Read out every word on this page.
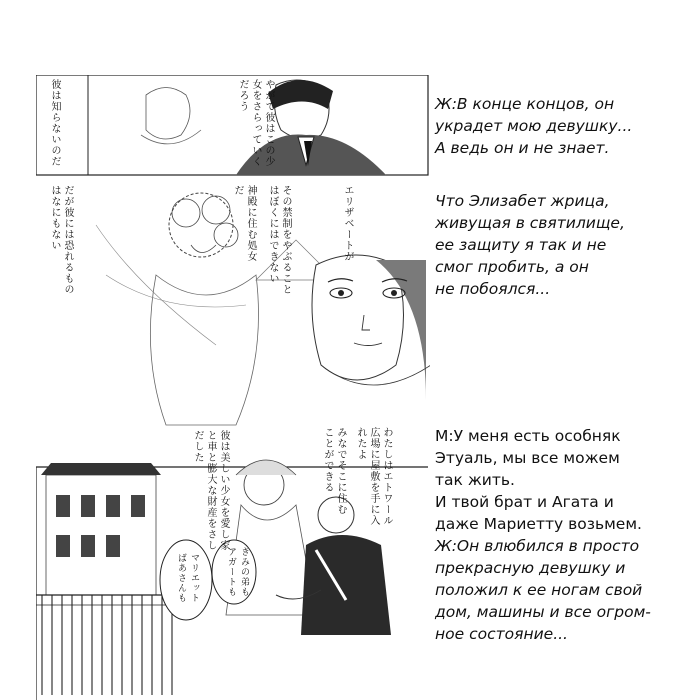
彼は知らないのだ	やがて彼はこの少女をさらっていくだろう
だが彼には恐れるものはなにもない	神殿に住む処女だ	その禁制をやぶることはぼくにはできない	エリザベートが
彼は美しい少女を愛し家と車と膨大な財産をさしだした	わたしはエトワール広場に屋敷を手に入れたよ
みなでそこに住むことができる
きみの弟もアガートも
マリエットばあさんも

Ж:В конце концов, он

украдет мою девушку...

А ведь он и не знает.

Что Элизабет жрица,

живущая в святилище,

ее защиту я так и не

смог пробить, а он

не побоялся...

М:У меня есть особняк

Этуаль, мы все можем

так жить.

И твой брат и Агата и

даже Мариетту возьмем.

Ж:Он влюбился в просто

прекрасную девушку и

положил к ее ногам свой

дом, машины и все огром-

ное состояние...
